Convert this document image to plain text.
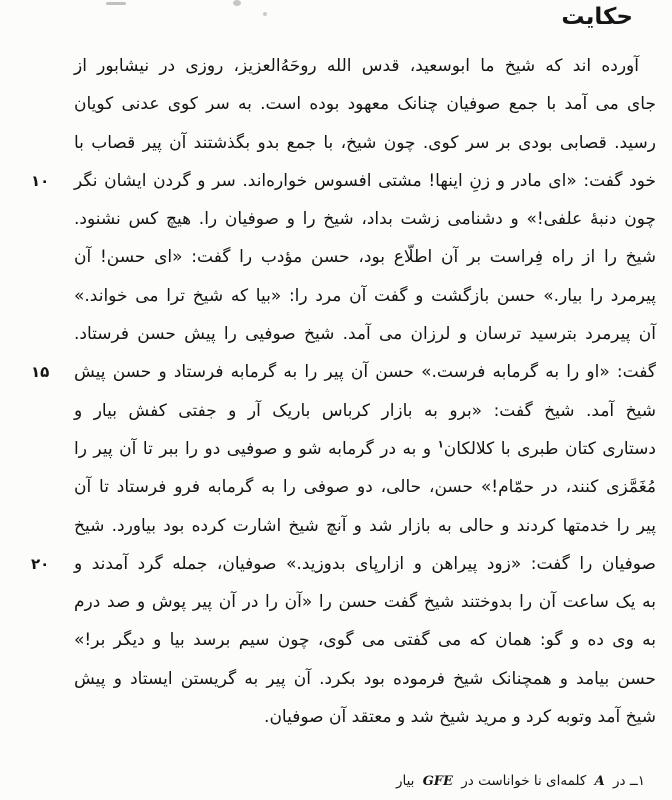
حکایت
آورده اند که شیخ ما ابوسعید، قدس الله روحَهُ‌العزیز، روزی در نیشابور از
جای می آمد با جمع صوفیان چنانک معهود بوده است. به سر کوی عدنی کویان
رسید. قصابی بودی بر سر کوی. چون شیخ، با جمع بدو بگذشتند آن پیر قصاب با
۱۰	خود گفت: «ای مادر و زنِ اینها! مشتی افسوس خواره‌اند. سر و گردن ایشان نگر
چون دنبهٔ علفی!» و دشنامی زشت بداد، شیخ را و صوفیان را. هیچ کس نشنود.
شیخ را از راه فِراست بر آن اطلّاع بود، حسن مؤدب را گفت: «ای حسن! آن
پیرمرد را بیار.» حسن بازگشت و گفت آن مرد را: «بیا که شیخ ترا می خواند.»
آن پیرمرد بترسید ترسان و لرزان می آمد. شیخ صوفیی را پیش حسن فرستاد.
۱۵	گفت: «او را به گرمابه فرست.» حسن آن پیر را به گرمابه فرستاد و حسن پیش
شیخ آمد. شیخ گفت: «برو به بازار کرباس باریک آر و جفتی کفش بیار و
دستاری کتان طبری با کلالکان$^۱$ و به در گرمابه شو و صوفیی دو را ببر تا آن پیر را
مُغَمَّزی کنند، در حمّام!» حسن، حالی، دو صوفی را به گرمابه فرو فرستاد تا آن
پیر را خدمتها کردند و حالی به بازار شد و آنچ شیخ اشارت کرده بود بیاورد. شیخ
۲۰	صوفیان را گفت: «زود پیراهن و ازارپای بدوزید.» صوفیان، جمله گرد آمدند و
به یک ساعت آن را بدوختند شیخ گفت حسن را «آن را در آن پیر پوش و صد درم
به وی ده و گو: همان که می گفتی می گوی، چون سیم برسد بیا و دیگر بر!»
حسن بیامد و همچنانک شیخ فرموده بود بکرد. آن پیر به گریستن ایستاد و پیش
شیخ آمد وتوبه کرد و مرید شیخ شد و معتقد آن صوفیان.
۱ــ در A کلمه‌ای نا خواناست در GFE بیار
